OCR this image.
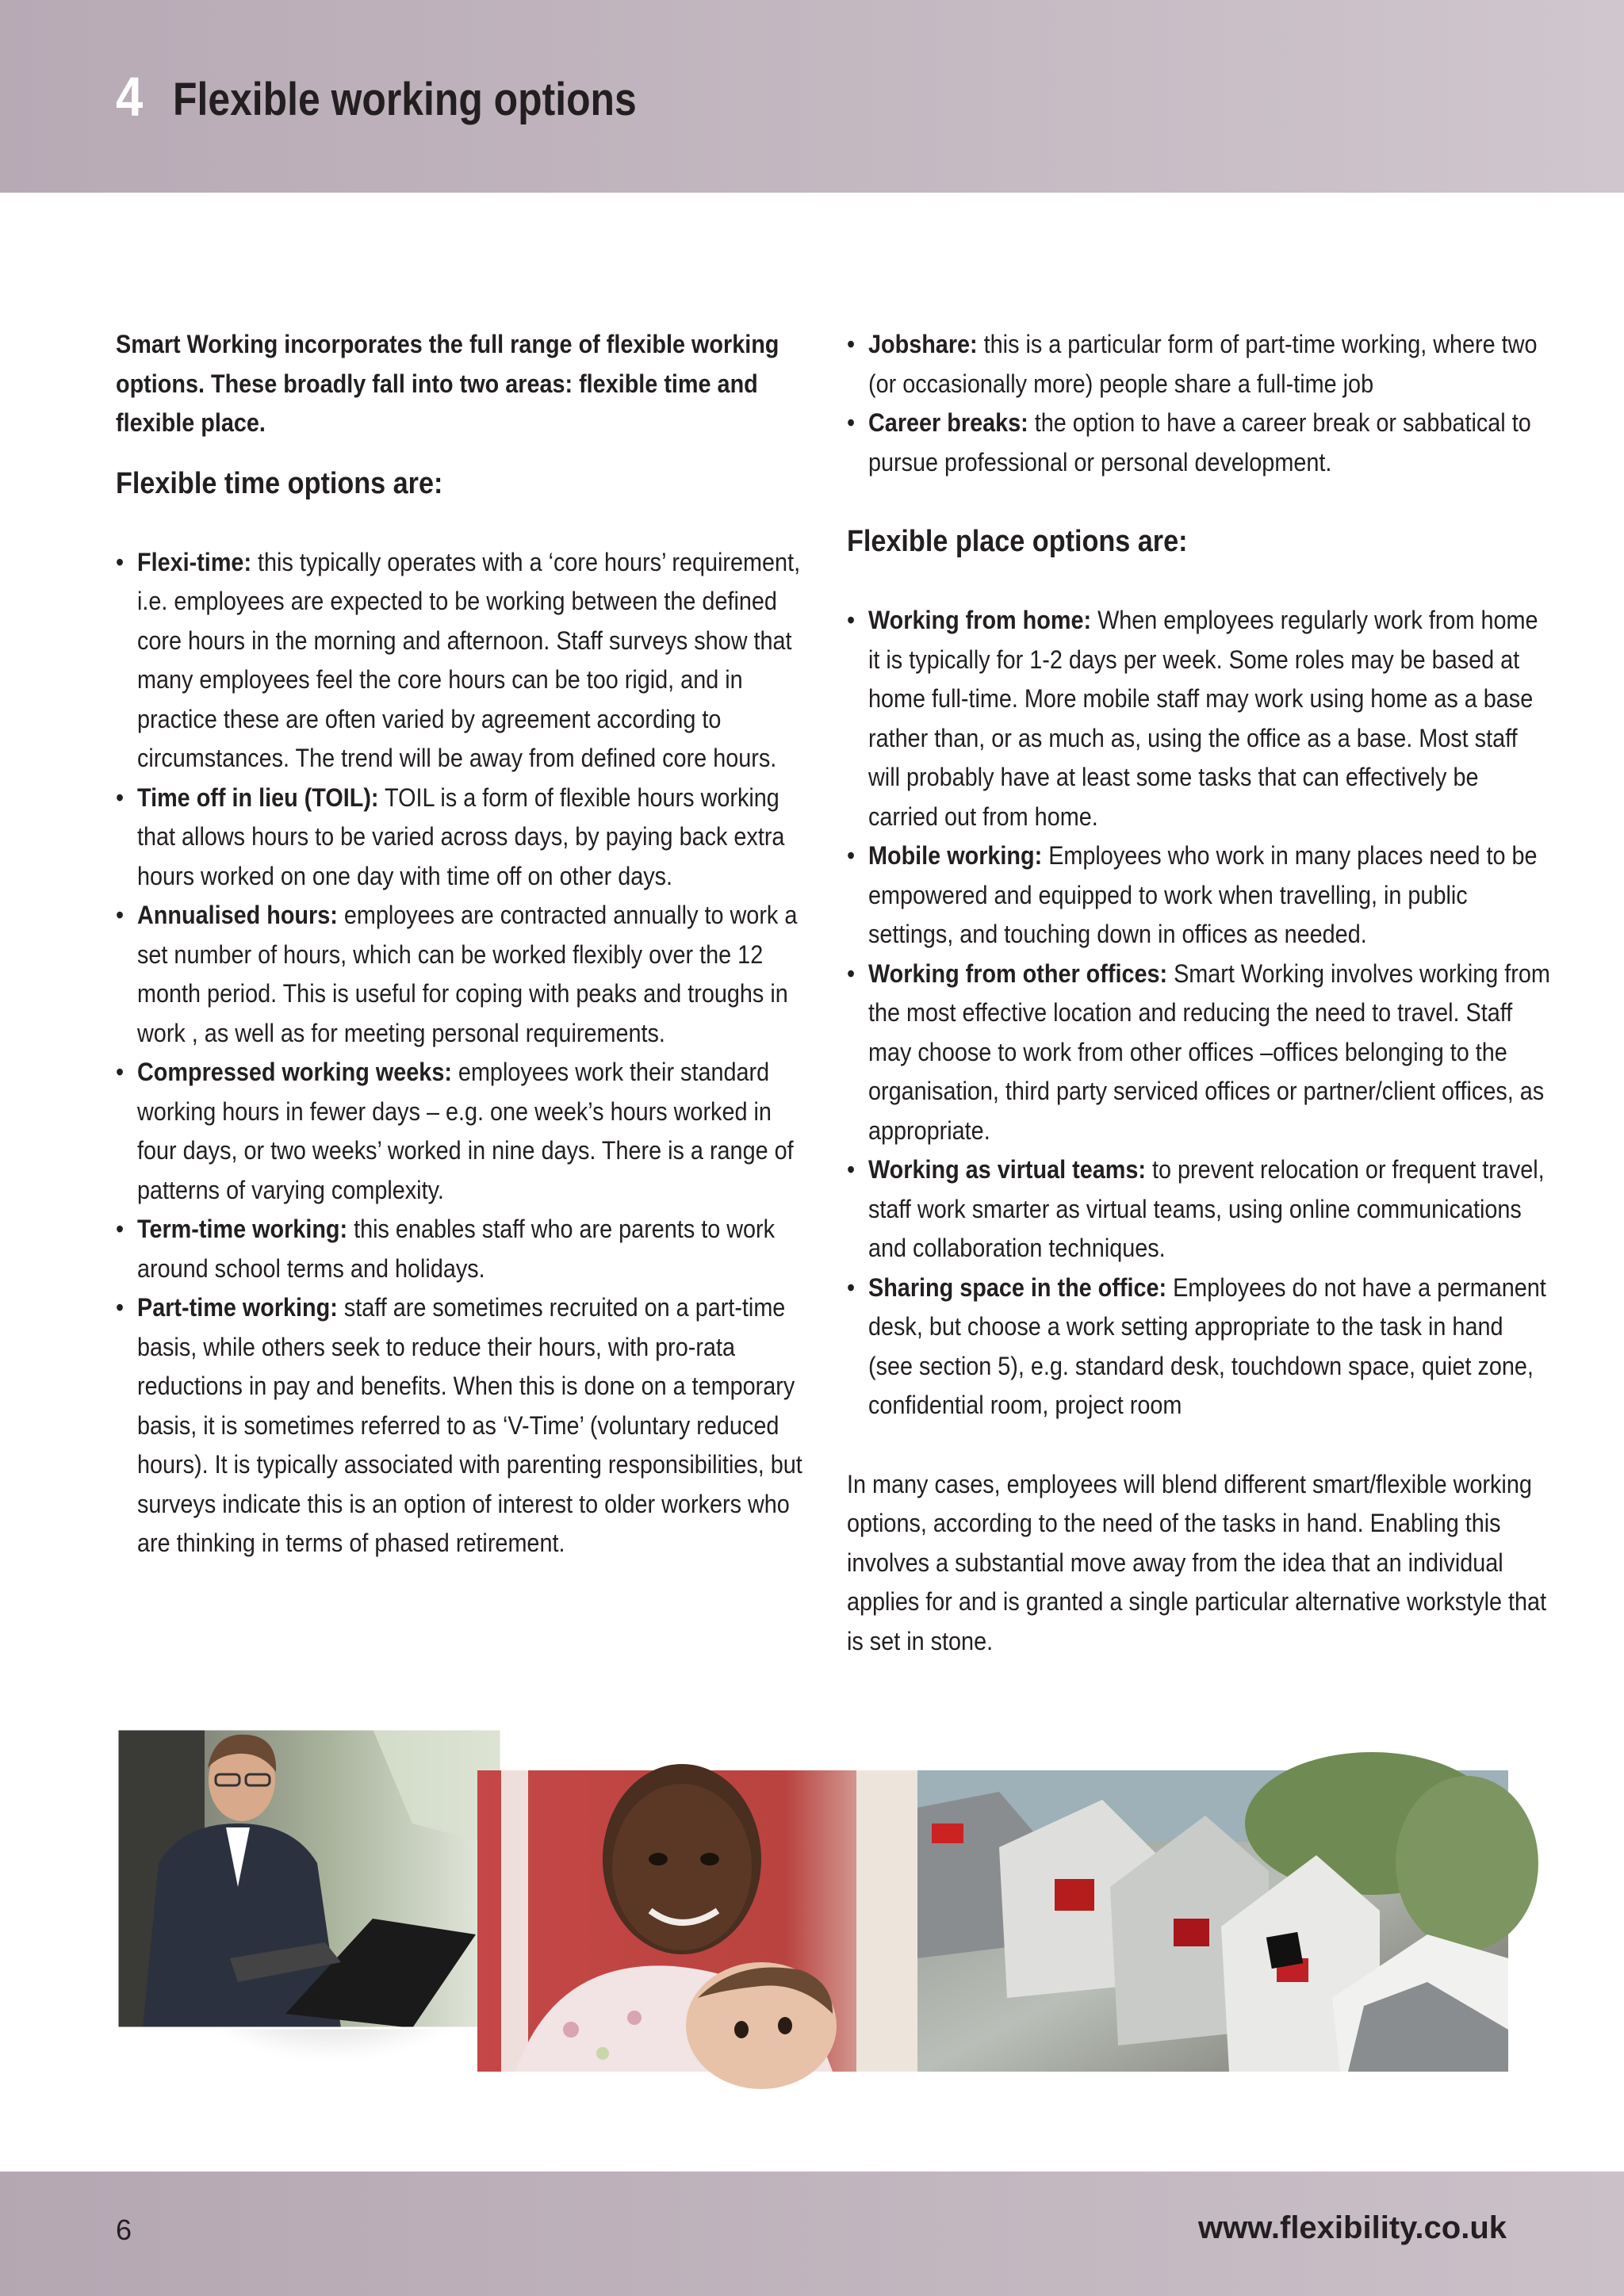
4 Flexible working options

Smart Working incorporates the full range of flexible working options. These broadly fall into two areas: flexible time and flexible place.

Flexible time options are:
• Flexi-time: this typically operates with a ‘core hours’ requirement, i.e. employees are expected to be working between the defined core hours in the morning and afternoon. Staff surveys show that many employees feel the core hours can be too rigid, and in practice these are often varied by agreement according to circumstances. The trend will be away from defined core hours.
• Time off in lieu (TOIL): TOIL is a form of flexible hours working that allows hours to be varied across days, by paying back extra hours worked on one day with time off on other days.
• Annualised hours: employees are contracted annually to work a set number of hours, which can be worked flexibly over the 12 month period. This is useful for coping with peaks and troughs in work , as well as for meeting personal requirements.
• Compressed working weeks: employees work their standard working hours in fewer days – e.g. one week’s hours worked in four days, or two weeks’ worked in nine days. There is a range of patterns of varying complexity.
• Term-time working: this enables staff who are parents to work around school terms and holidays.
• Part-time working: staff are sometimes recruited on a part-time basis, while others seek to reduce their hours, with pro-rata reductions in pay and benefits. When this is done on a temporary basis, it is sometimes referred to as ‘V-Time’ (voluntary reduced hours). It is typically associated with parenting responsibilities, but surveys indicate this is an option of interest to older workers who are thinking in terms of phased retirement.
• Jobshare: this is a particular form of part-time working, where two (or occasionally more) people share a full-time job
• Career breaks: the option to have a career break or sabbatical to pursue professional or personal development.
Flexible place options are:
• Working from home: When employees regularly work from home it is typically for 1-2 days per week. Some roles may be based at home full-time. More mobile staff may work using home as a base rather than, or as much as, using the office as a base. Most staff will probably have at least some tasks that can effectively be carried out from home.
• Mobile working: Employees who work in many places need to be empowered and equipped to work when travelling, in public settings, and touching down in offices as needed.
• Working from other offices: Smart Working involves working from the most effective location and reducing the need to travel. Staff may choose to work from other offices –offices belonging to the organisation, third party serviced offices or partner/client offices, as appropriate.
• Working as virtual teams: to prevent relocation or frequent travel, staff work smarter as virtual teams, using online communications and collaboration techniques.
• Sharing space in the office: Employees do not have a permanent desk, but choose a work setting appropriate to the task in hand (see section 5), e.g. standard desk, touchdown space, quiet zone, confidential room, project room

In many cases, employees will blend different smart/flexible working options, according to the need of the tasks in hand. Enabling this involves a substantial move away from the idea that an individual applies for and is granted a single particular alternative workstyle that is set in stone.

6	www.flexibility.co.uk
